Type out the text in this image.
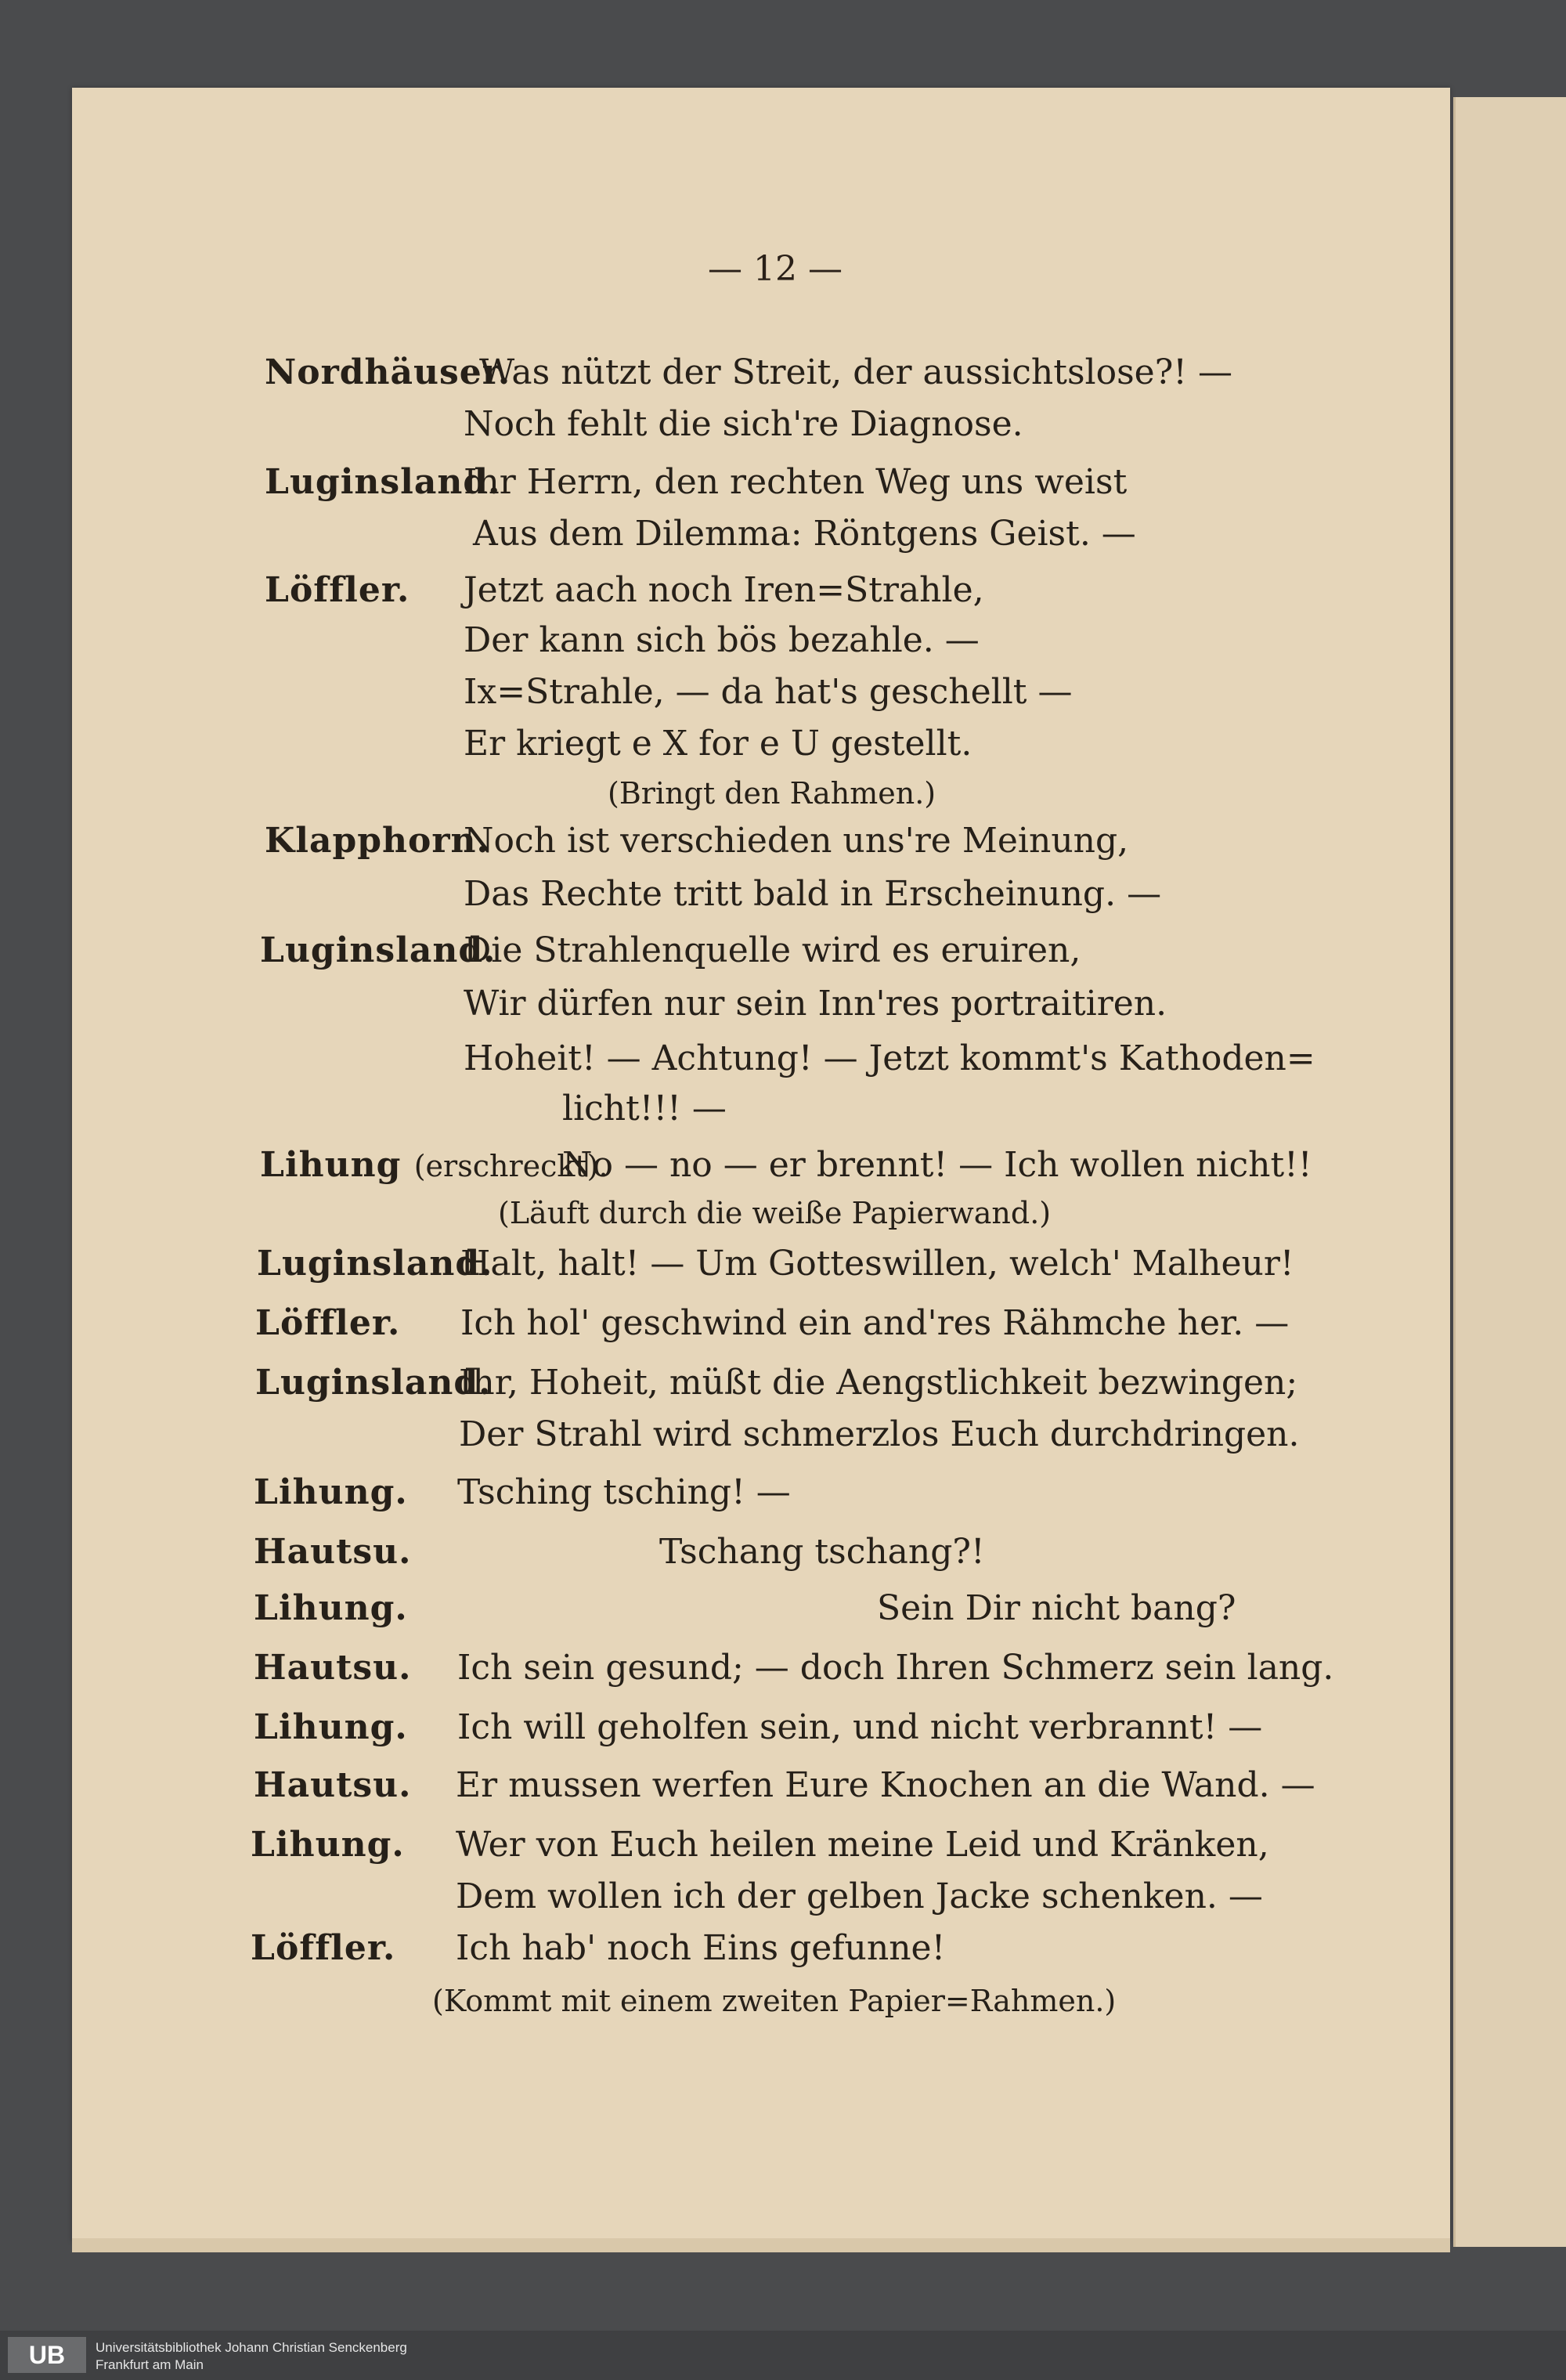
— 12 —
Nordhäuser.
Was nützt der Streit, der aussichtslose?! —
Noch fehlt die sich're Diagnose.
Luginsland.
Ihr Herrn, den rechten Weg uns weist
Aus dem Dilemma: Röntgens Geist. —
Löffler. Jetzt aach noch Iren=Strahle,
Der kann sich bös bezahle. —
Ix=Strahle, — da hat's geschellt —
Er kriegt e X for e U gestellt.
(Bringt den Rahmen.)
Klapphorn.
Noch ist verschieden uns're Meinung,
Das Rechte tritt bald in Erscheinung. —
Luginsland.
Die Strahlenquelle wird es eruiren,
Wir dürfen nur sein Inn'res portraitiren.
Hoheit! — Achtung! — Jetzt kommt's Kathoden=
licht!!! —
Lihung (erschreckt).
No — no — er brennt! — Ich wollen nicht!!
(Läuft durch die weiße Papierwand.)
Luginsland.
Halt, halt! — Um Gotteswillen, welch' Malheur!
Löffler. Ich hol' geschwind ein and'res Rähmche her. —
Luginsland.
Ihr, Hoheit, müßt die Aengstlichkeit bezwingen;
Der Strahl wird schmerzlos Euch durchdringen.
Lihung. Tsching tsching! —
Hautsu.	Tschang tschang?!
Lihung.	Sein Dir nicht bang?
Hautsu. Ich sein gesund; — doch Ihren Schmerz sein lang.
Lihung. Ich will geholfen sein, und nicht verbrannt! —
Hautsu. Er mussen werfen Eure Knochen an die Wand. —
Lihung. Wer von Euch heilen meine Leid und Kränken,
Dem wollen ich der gelben Jacke schenken. —
Löffler. Ich hab' noch Eins gefunne!
(Kommt mit einem zweiten Papier=Rahmen.)
UB	Universitätsbibliothek Johann Christian Senckenberg
Frankfurt am Main
